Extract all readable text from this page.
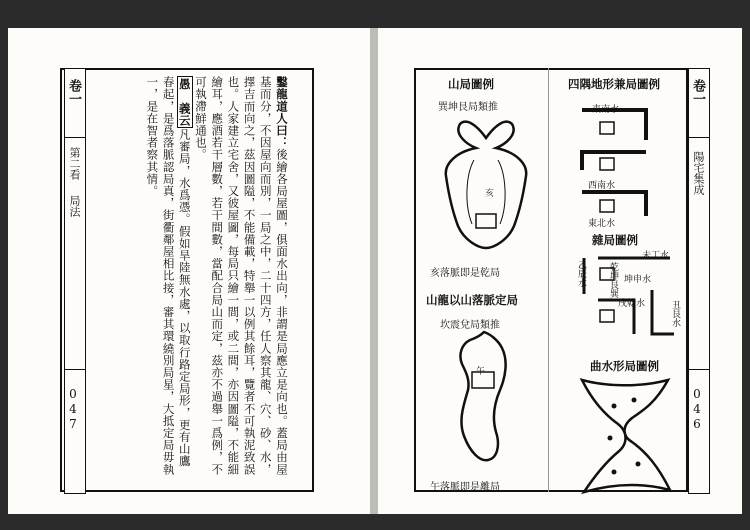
卷一
第二看
局法
047

鑿龍道人曰：後繪各局屋圖，俱面水出向，非謂是局應立是向也。蓋局由屋基而分，不因屋向而別，一局之中，二十四方，任人察其龍、穴、砂、水，擇吉而向之，茲因圖隘，不能備載，特舉一以例其餘耳，覽者不可執泥致誤也。人家建立宅舍，又彼屋圖，每局只繪一間，或二間，亦因圖隘，不能細繪耳，應酒若干層數，若干間數，當配合局山而定，茲亦不過舉一爲例，不可執滯鮮通也。

愚　義云凡審局，水爲憑。假如旱陸無水處，以取行路定局形，更有山鷹春起，是爲落脈認局真，街衢鄰屋相比接，審其環繞別局星，大抵定局毋執一，是在智者察其情。	卷一
陽宅集成
046
山局圖例
巽坤艮局類推
亥
亥落脈即是乾局
山龍以山落脈定局
坎震兌局類推
午
午落脈即是離局
四隅地形兼局圖例
東南水
西南水
東北水
雜局圖例
未丁水
乙辰水
戌乾水
坤申水
丑艮水
乾坤艮巽
曲水形局圖例
